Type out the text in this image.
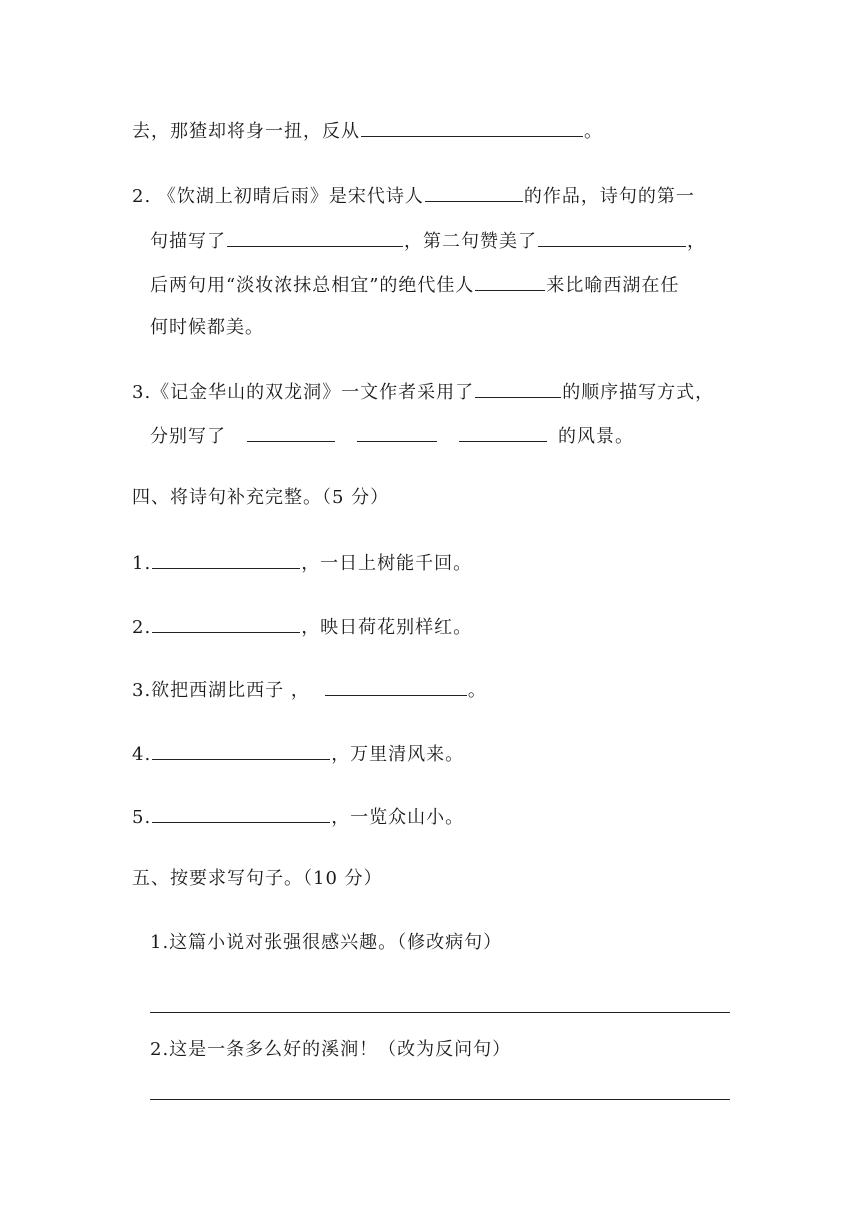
去，那猹却将身一扭，反从	。
2. 《饮湖上初晴后雨》是宋代诗人	的作品，诗句的第一
句描写了	，第二句赞美了	，
后两句用“淡妆浓抹总相宜”的绝代佳人	来比喻西湖在任
何时候都美。
3.《记金华山的双龙洞》一文作者采用了	的顺序描写方式，
分别写了	的风景。
四、将诗句补充完整。（5 分）
1.	，一日上树能千回。
2.	，映日荷花别样红。
3.欲把西湖比西子 ，	。
4.	，万里清风来。
5.	，一览众山小。
五、按要求写句子。（10 分）
1.这篇小说对张强很感兴趣。（修改病句）
2.这是一条多么好的溪涧！（改为反问句）
